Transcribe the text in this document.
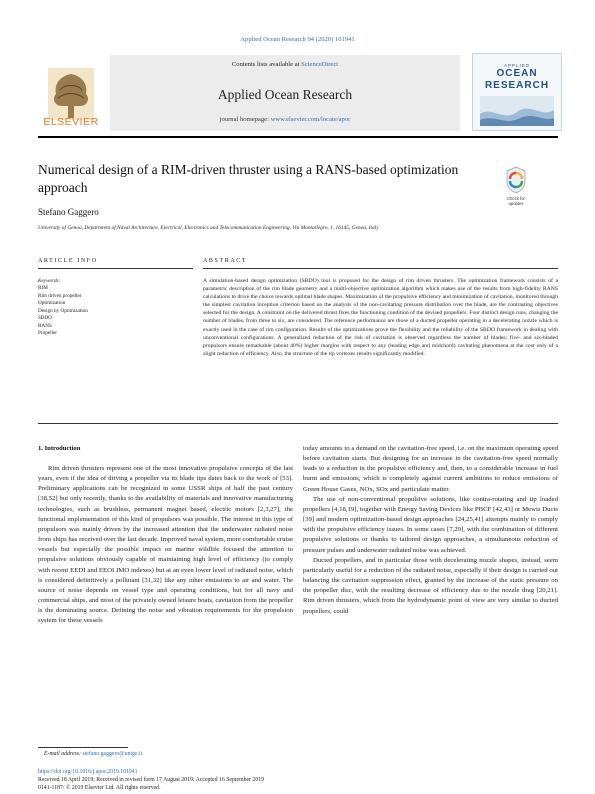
Applied Ocean Research 94 (2020) 101941
Contents lists available at ScienceDirect
Applied Ocean Research
journal homepage: www.elsevier.com/locate/apor
ELSEVIER
APPLIED
OCEAN
RESEARCH
Numerical design of a RIM-driven thruster using a RANS-based optimization approach
Check for
updates
Stefano Gaggero
University of Genoa, Department of Naval Architecture, Electrical, Electronics and Telecommunication Engineering, Via Montallegro, 1, 16145, Genoa, Italy
ARTICLE INFO	ABSTRACT
Keywords:
RIM
Rim driven propeller
Optimization
Design by Optimization
SBDO
RANS
Propeller
A simulation-based design optimization (SBDO) tool is proposed for the design of rim driven thrusters. The optimization framework consists of a parametric description of the rim blade geometry and a multi-objective optimization algorithm which makes use of the results from high-fidelity RANS calculations to drive the choice towards optimal blade shapes. Maximization of the propulsive efficiency and minimization of cavitation, monitored through the simplest cavitation inception criterion based on the analysis of the non-cavitating pressure distribution over the blade, are the contrasting objectives selected for the design. A constraint on the delivered thrust fixes the functioning condition of the devised propellers. Four distinct design runs, changing the number of blades, from three to six, are considered. The reference performance are those of a ducted propeller operating in a decelerating nozzle which is exactly used in the case of rim configuration. Results of the optimizations prove the flexibility and the reliability of the SBDO framework in dealing with unconventional configurations. A generalized reduction of the risk of cavitation is observed regardless the number of blades; five- and six-bladed propulsors ensure remarkable (about 40%) higher margins with respect to any (leading edge and midchord) cavitating phenomena at the cost only of a slight reduction of efficiency. Also, the structure of the tip vortexes results significantly modified.
1. Introduction

Rim driven thrusters represent one of the most innovative propulsive concepts of the last years, even if the idea of driving a propeller via its blade tips dates back to the work of [53]. Preliminary applications can be recognized in some USSR ships of half the past century [38,52] but only recently, thanks to the availability of materials and innovative manufacturing technologies, such as brushless, permanent magnet based, electric motors [2,3,27], the functional implementation of this kind of propulsors was possible. The interest in this type of propulsors was mainly driven by the increased attention that the underwater radiated noise from ships has received over the last decade. Improved naval system, more comfortable cruise vessels but especially the possible impact on marine wildlife focused the attention to propulsive solutions obviously capable of maintaining high level of efficiency (to comply with recent EEDI and EEOI IMO indexes) but at an even lower level of radiated noise, which is considered definitively a pollutant [31,32] like any other emissions to air and water. The source of noise depends on vessel type and operating conditions, but for all navy and commercial ships, and most of the privately owned leisure boats, cavitation from the propeller is the dominating source. Defining the noise and vibration requirements for the propulsion system for these vessels

today amounts to a demand on the cavitation-free speed, i.e. on the maximum operating speed before cavitation starts. But designing for an increase in the cavitation-free speed normally leads to a reduction in the propulsive efficiency and, then, to a considerable increase in fuel burnt and emissions, which is completely against current ambitions to reduce emissions of Green House Gases, NOx, SOx and particulate matter.

The use of non-conventional propulsive solutions, like contra-rotating and tip loaded propellers [4,18,19], together with Energy Saving Devices like PBCF [42,43] or Mewis Ducts [39] and modern optimization-based design approaches [24,25,41] attempts mainly to comply with the propulsive efficiency issues. In some cases [7,29], with the combination of different propulsive solutions or thanks to tailored design approaches, a simultaneous reduction of pressure pulses and underwater radiated noise was achieved.

Ducted propellers, and in particular those with decelerating nozzle shapes, instead, seem particularly useful for a reduction of the radiated noise, especially if their design is carried out balancing the cavitation suppression effect, granted by the increase of the static pressure on the propeller disc, with the resulting decrease of efficiency due to the nozzle drag [20,21]. Rim driven thrusters, which from the hydrodynamic point of view are very similar to ducted propellers, could

E-mail address: stefano.gaggero@unige.it
https://doi.org/10.1016/j.apor.2019.101941
Received 18 April 2019; Received in revised form 17 August 2019; Accepted 16 September 2019
0141-1187/ © 2019 Elsevier Ltd. All rights reserved.
